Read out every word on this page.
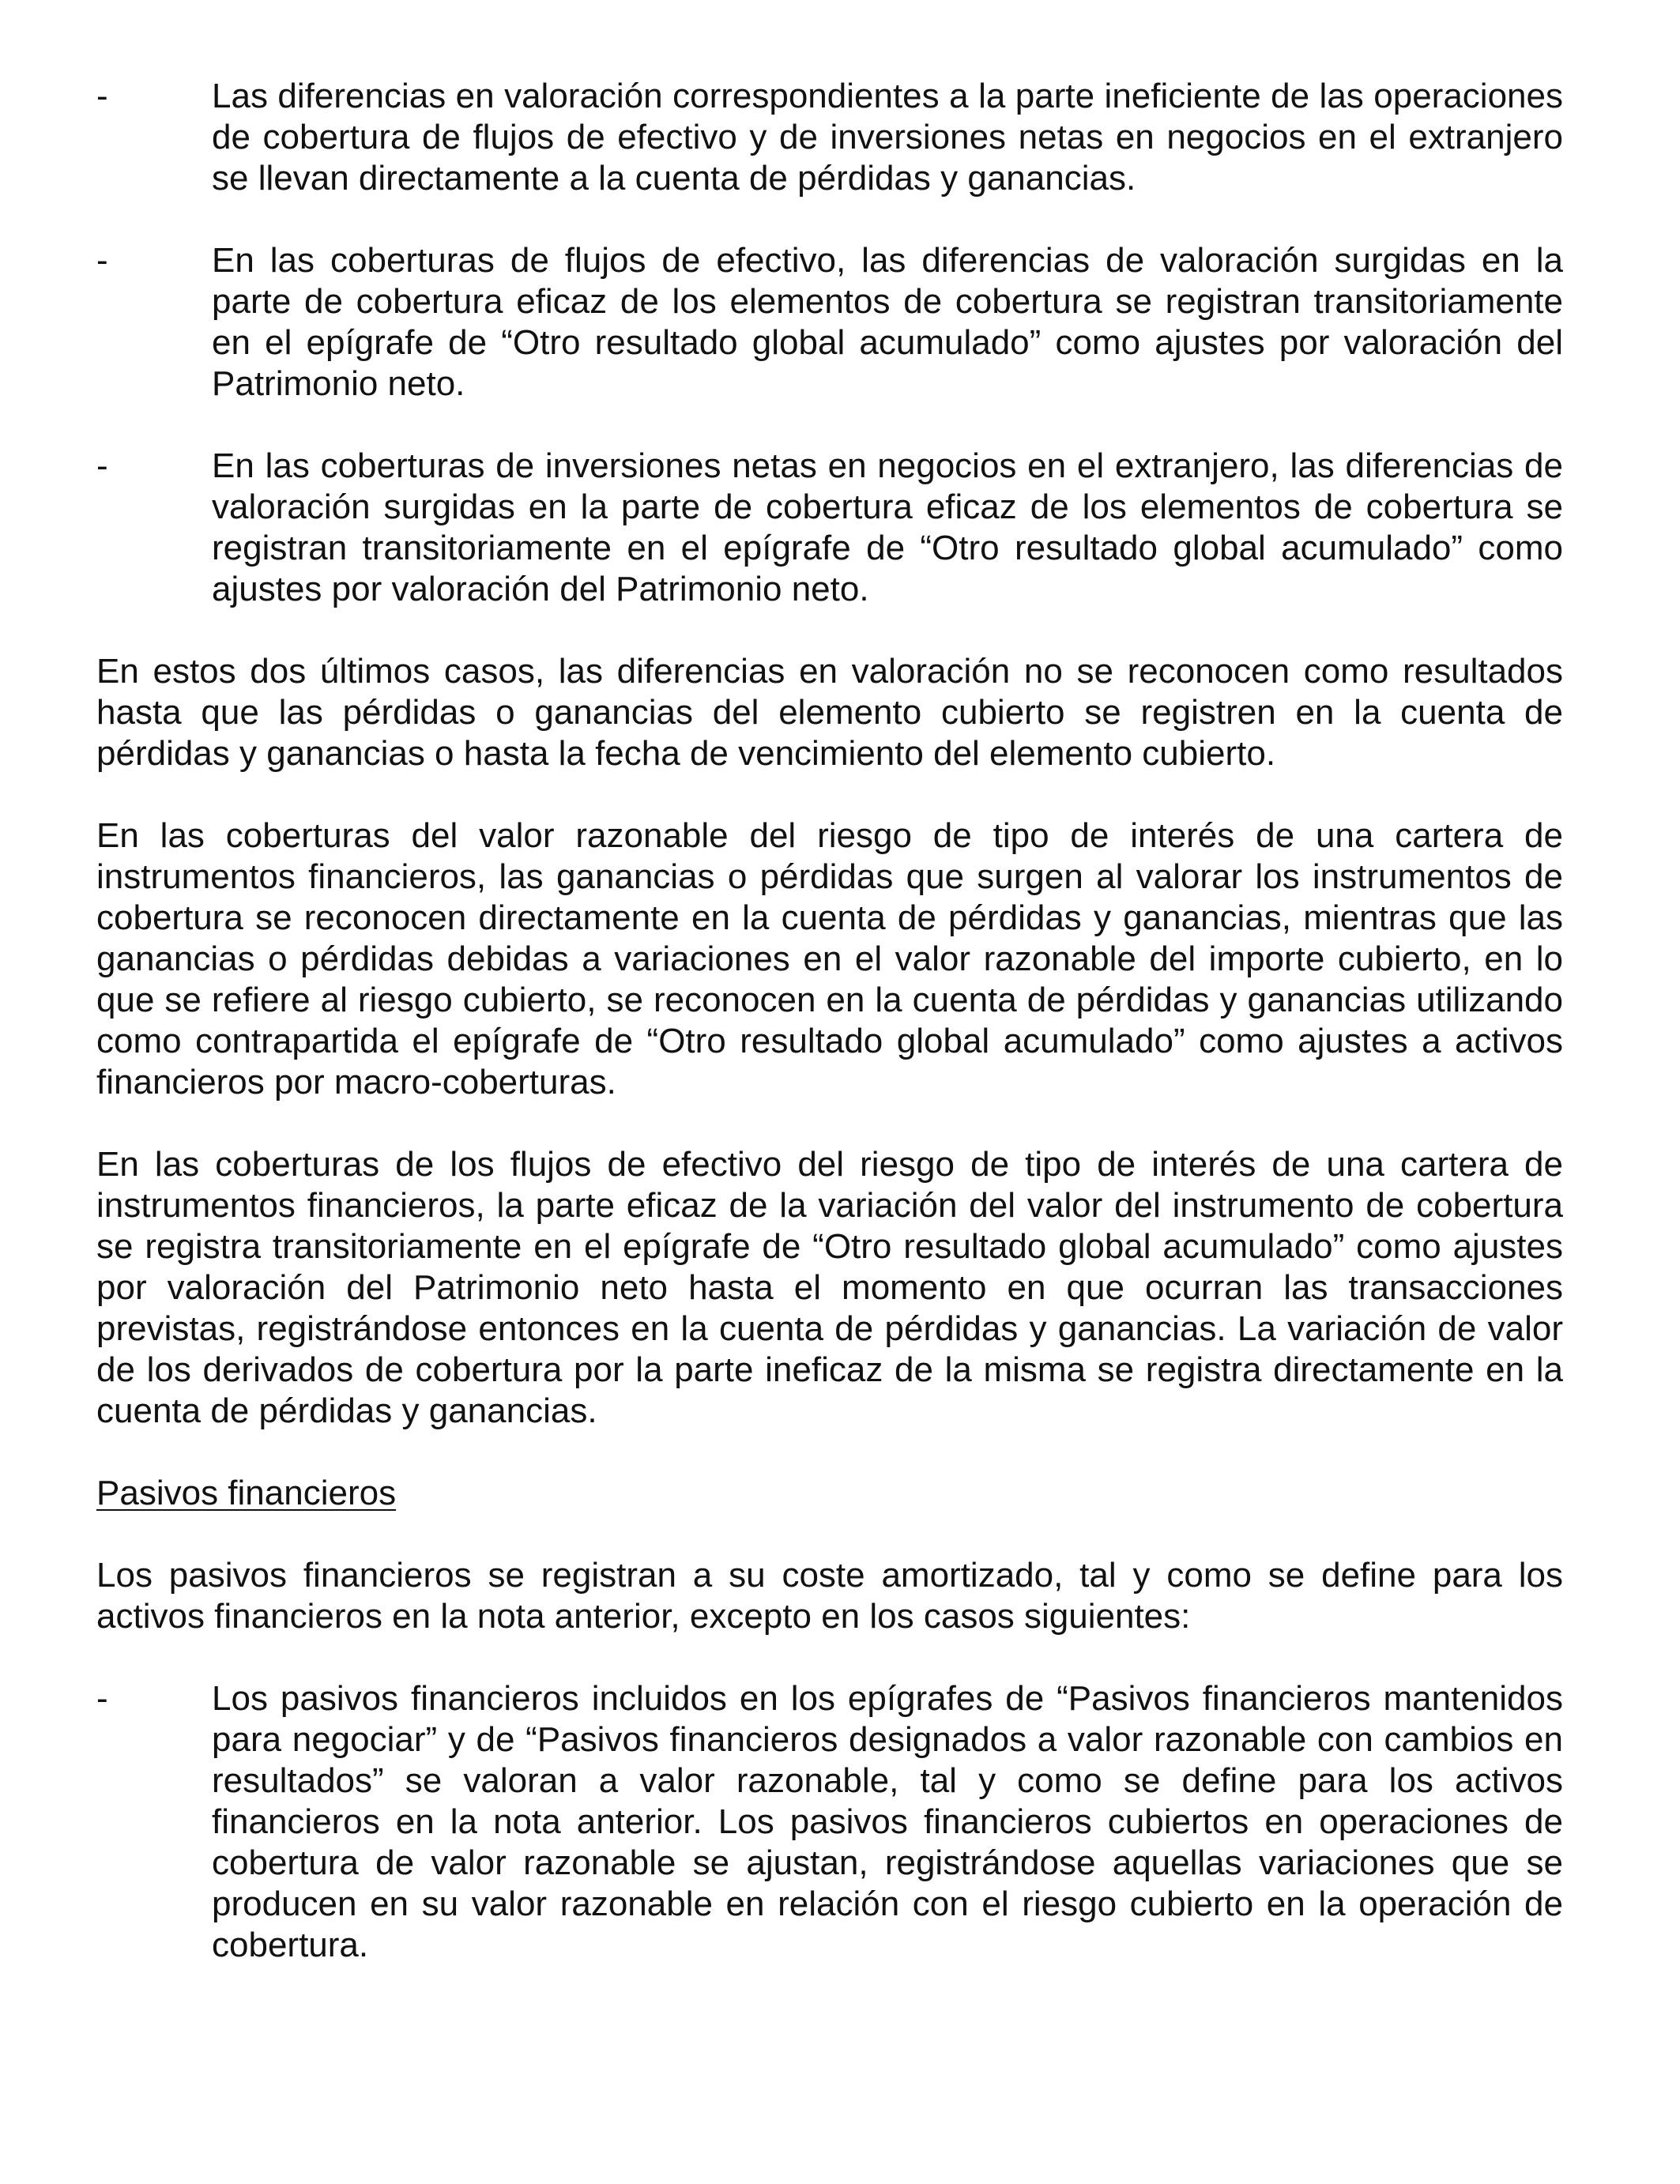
-	Las diferencias en valoración correspondientes a la parte ineficiente de las operaciones de cobertura de flujos de efectivo y de inversiones netas en negocios en el extranjero se llevan directamente a la cuenta de pérdidas y ganancias.

-	En las coberturas de flujos de efectivo, las diferencias de valoración surgidas en la parte de cobertura eficaz de los elementos de cobertura se registran transitoriamente en el epígrafe de “Otro resultado global acumulado” como ajustes por valoración del Patrimonio neto.

-	En las coberturas de inversiones netas en negocios en el extranjero, las diferencias de valoración surgidas en la parte de cobertura eficaz de los elementos de cobertura se registran transitoriamente en el epígrafe de “Otro resultado global acumulado” como ajustes por valoración del Patrimonio neto.

En estos dos últimos casos, las diferencias en valoración no se reconocen como resultados hasta que las pérdidas o ganancias del elemento cubierto se registren en la cuenta de pérdidas y ganancias o hasta la fecha de vencimiento del elemento cubierto.

En las coberturas del valor razonable del riesgo de tipo de interés de una cartera de instrumentos financieros, las ganancias o pérdidas que surgen al valorar los instrumentos de cobertura se reconocen directamente en la cuenta de pérdidas y ganancias, mientras que las ganancias o pérdidas debidas a variaciones en el valor razonable del importe cubierto, en lo que se refiere al riesgo cubierto, se reconocen en la cuenta de pérdidas y ganancias utilizando como contrapartida el epígrafe de “Otro resultado global acumulado” como ajustes a activos financieros por macro-coberturas.

En las coberturas de los flujos de efectivo del riesgo de tipo de interés de una cartera de instrumentos financieros, la parte eficaz de la variación del valor del instrumento de cobertura se registra transitoriamente en el epígrafe de “Otro resultado global acumulado” como ajustes por valoración del Patrimonio neto hasta el momento en que ocurran las transacciones previstas, registrándose entonces en la cuenta de pérdidas y ganancias. La variación de valor de los derivados de cobertura por la parte ineficaz de la misma se registra directamente en la cuenta de pérdidas y ganancias.

Pasivos financieros

Los pasivos financieros se registran a su coste amortizado, tal y como se define para los activos financieros en la nota anterior, excepto en los casos siguientes:

-	Los pasivos financieros incluidos en los epígrafes de “Pasivos financieros mantenidos para negociar” y de “Pasivos financieros designados a valor razonable con cambios en resultados” se valoran a valor razonable, tal y como se define para los activos financieros en la nota anterior. Los pasivos financieros cubiertos en operaciones de cobertura de valor razonable se ajustan, registrándose aquellas variaciones que se producen en su valor razonable en relación con el riesgo cubierto en la operación de cobertura.
